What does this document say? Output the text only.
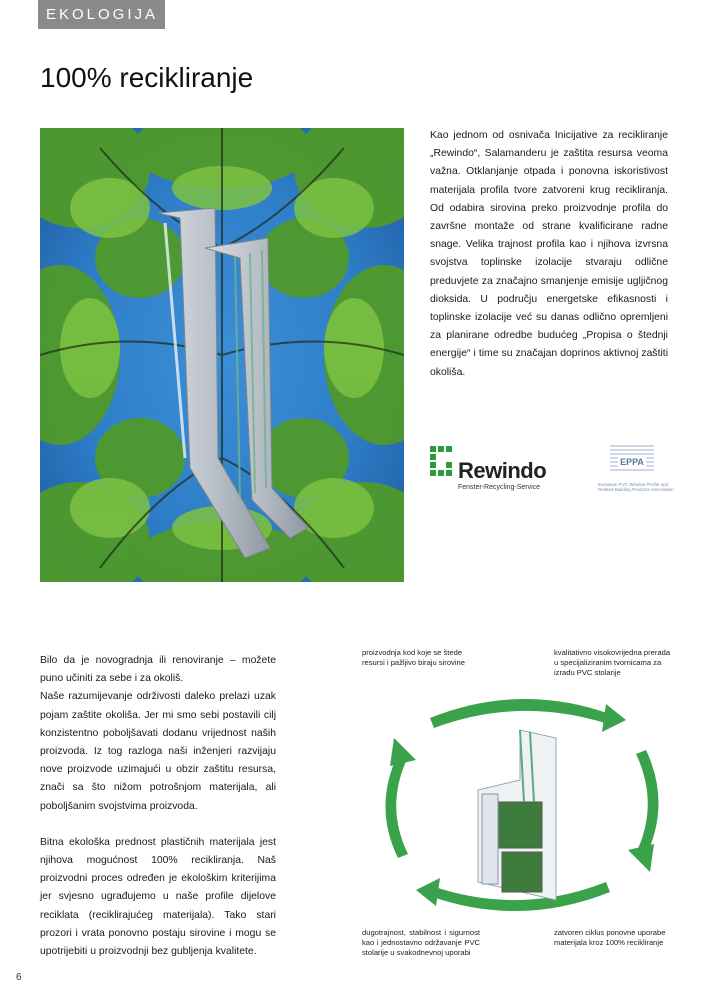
EKOLOGIJA
100% recikliranje

Kao jednom od osnivača Inicijative za recikliranje „Rewindo“, Salamanderu je zaštita resursa veoma važna. Otklanjanje otpada i ponovna iskoristivost materijala profila tvore zatvoreni krug recikliranja. Od odabira sirovina preko proizvodnje profila do završne montaže od strane kvalificirane radne snage. Velika trajnost profila kao i njihova izvrsna svojstva toplinske izolacije stvaraju odlične preduvjete za značajno smanjenje emisije ugljičnog dioksida. U području energetske efikasnosti i toplinske izolacije već su danas odlično opremljeni za planirane odredbe budućeg „Propisa o štednji energije“ i time su značajan doprinos aktivnoj zaštiti okoliša.

Rewindo
Fenster-Recycling-Service
EPPA
European PVC Window Profile and Related Building Products Association

Bilo da je novogradnja ili renoviranje – možete puno učiniti za sebe i za okoliš.

Naše razumijevanje održivosti daleko prelazi uzak pojam zaštite okoliša. Jer mi smo sebi postavili cilj konzistentno poboljšavati dodanu vrijednost naših proizvoda. Iz tog razloga naši inženjeri razvijaju nove proizvode uzimajući u obzir zaštitu resursa, znači sa što nižom potrošnjom materijala, ali poboljšanim svojstvima proizvoda.

Bitna ekološka prednost plastičnih materijala jest njihova mogućnost 100% recikliranja. Naš proizvodni proces određen je ekološkim kriterijima jer svjesno ugrađujemo u naše profile dijelove reciklata (reciklirajućeg materijala). Tako stari prozori i vrata ponovno postaju sirovine i mogu se upotrijebiti u proizvodnji bez gubljenja kvalitete.

proizvodnja kod koje se štede resursi i pažljivo biraju sirovine

kvalitativno visokovrijedna prerada u specijaliziranim tvornicama za izradu PVC stolarije

dugotrajnost, stabilnost i sigurnost kao i jednostavno održavanje PVC stolarije u svakodnevnoj uporabi

zatvoren ciklus ponovne uporabe materijala kroz 100% recikliranje

6
